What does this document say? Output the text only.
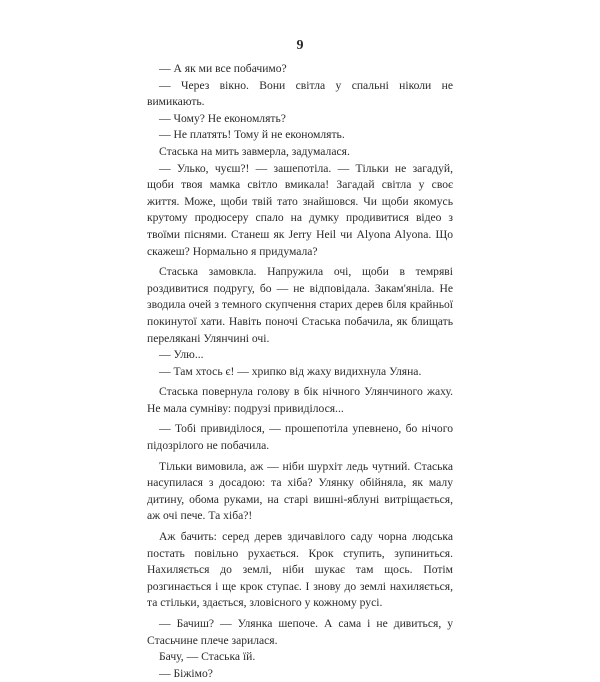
9

— А як ми все побачимо?

— Через вікно. Вони світла у спальні ніколи не вимикають.

— Чому? Не економлять?

— Не платять! Тому й не економлять.

Стаська на мить завмерла, задумалася.

— Ульк​о, чуєш?! — зашепотіла. — Тільки не загадуй, щоби твоя мамка світло вмикала! Загадай світла у своє життя. Може, щоби твій тато знайшовся. Чи щоби якомусь крутому продюсеру спало на думку продивитися відео з твоїми піснями. Станеш як Jerry Heil чи Alyona Alyona. Що скажеш? Нормально я придумала?

Стаська замовкла. Напружила очі, щоби в темряві роздивитися подругу, бо — не відповідала. Закам'яніла. Не зводила очей з темного скупчення старих дерев біля крайньої покинутої хати. Навіть поночі Стаська побачила, як блищать перелякані Улянчині очі.

— Улю...

— Там хтось є! — хрипко від жаху видихнула Уляна.

Стаська повернула голову в бік нічного Улянчиного жаху. Не мала сумніву: подрузі привиділося...

— Тобі привиділося, — прошепотіла упевнено, бо нічого підозрілого не побачила.

Тільки вимовила, аж — ніби шурхіт ледь чутний. Стаська насупилася з досадою: та хіба? Улянку обійняла, як малу дитину, обома руками, на старі вишні-яблуні витріщається, аж очі пече. Та хіба?!

Аж бачить: серед дерев здичавілого саду чорна людська постать повільно рухається. Крок ступить, зупиниться. Нахиляється до землі, ніби шукає там щось. Потім розгинається і ще крок ступає. І знову до землі нахиляється, та стільки, здається, зловісного у кожному русі.

— Бачиш? — Улянка шепоче. А сама і не дивиться, у Стасьчине плече зарилася.

Бачу, — Стаська їй.

— Біжімо?
